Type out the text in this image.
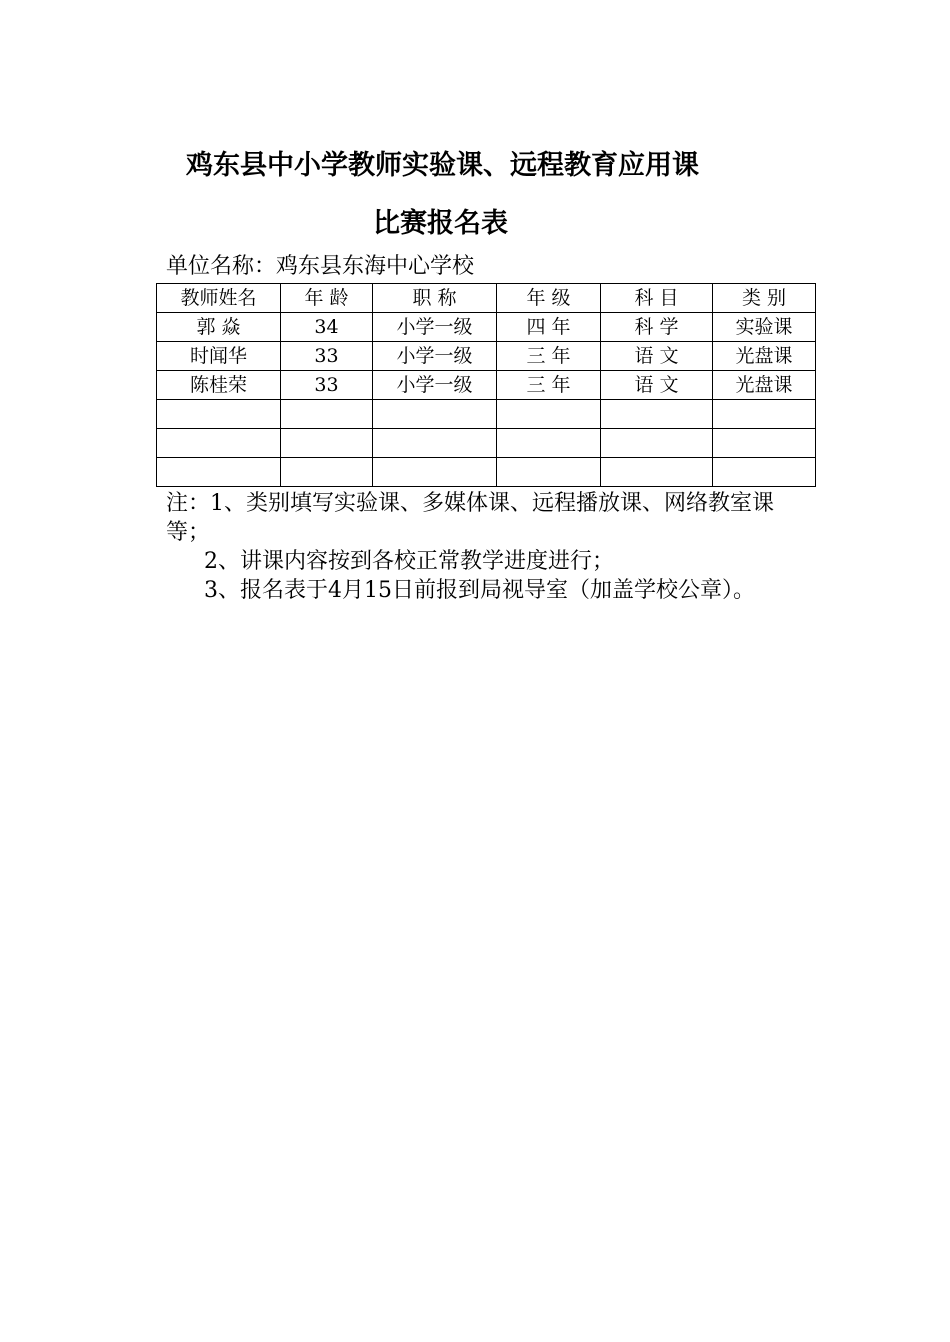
鸡东县中小学教师实验课、远程教育应用课
比赛报名表
单位名称：鸡东县东海中心学校
教师姓名	年 龄	职 称	年 级	科 目	类 别
郭 焱	34	小学一级	四 年	科 学	实验课
时闻华	33	小学一级	三 年	语 文	光盘课
陈桂荣	33	小学一级	三 年	语 文	光盘课

注：1、类别填写实验课、多媒体课、远程播放课、网络教室课等；

2、讲课内容按到各校正常教学进度进行；

3、报名表于4月15日前报到局视导室（加盖学校公章）。
